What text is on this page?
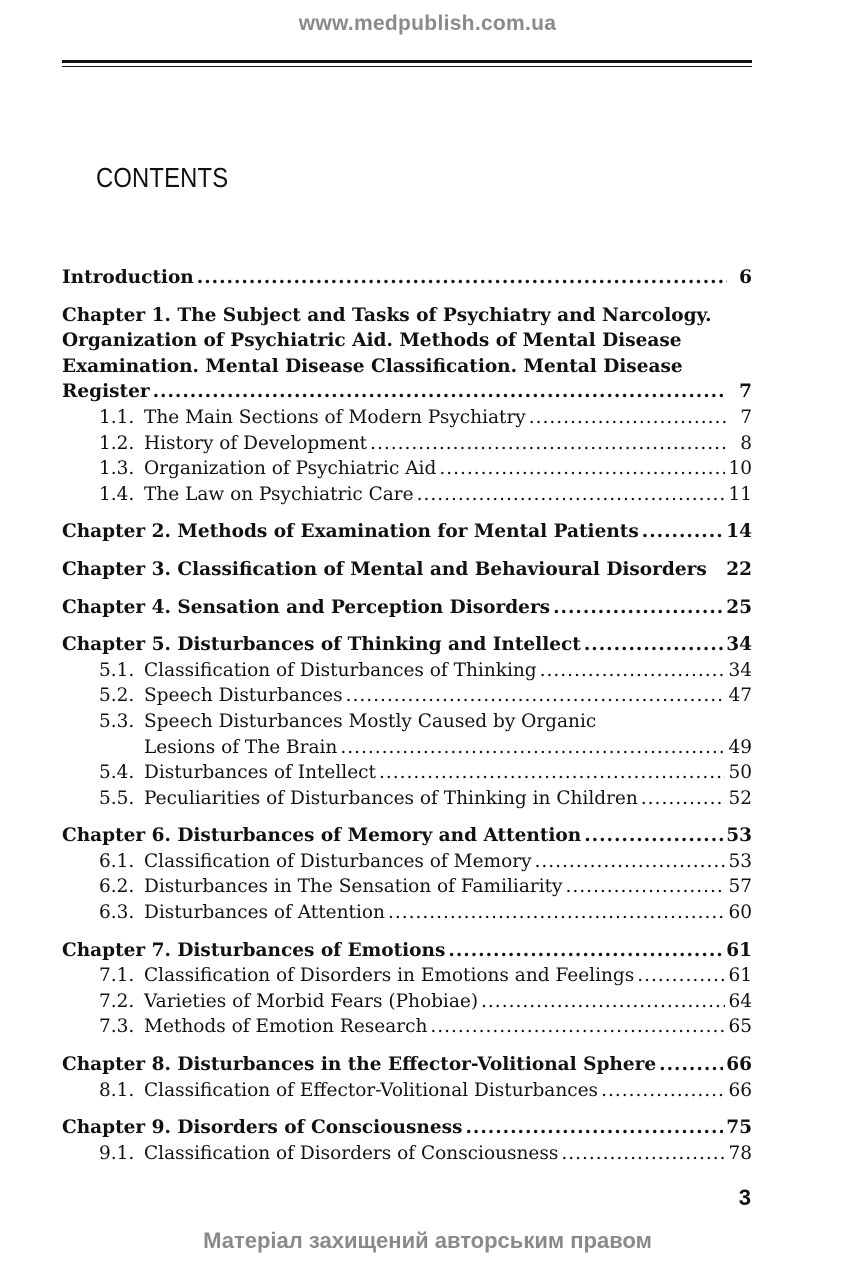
www.medpublish.com.ua
CONTENTS
Introduction .....	6
Chapter 1. The Subject and Tasks of Psychiatry and Narcology.
Organization of Psychiatric Aid. Methods of Mental Disease
Examination. Mental Disease Classification. Mental Disease
Register .....	7
1.1. The Main Sections of Modern Psychiatry .....	7
1.2. History of Development .....	8
1.3. Organization of Psychiatric Aid .....	10
1.4. The Law on Psychiatric Care .....	11
Chapter 2. Methods of Examination for Mental Patients .....	14
Chapter 3. Classification of Mental and Behavioural Disorders 22
Chapter 4. Sensation and Perception Disorders .....	25
Chapter 5. Disturbances of Thinking and Intellect .....	34
5.1. Classification of Disturbances of Thinking .....	34
5.2. Speech Disturbances .....	47
5.3. Speech Disturbances Mostly Caused by Organic
Lesions of The Brain .....	49
5.4. Disturbances of Intellect .....	50
5.5. Peculiarities of Disturbances of Thinking in Children .....	52
Chapter 6. Disturbances of Memory and Attention .....	53
6.1. Classification of Disturbances of Memory .....	53
6.2. Disturbances in The Sensation of Familiarity .....	57
6.3. Disturbances of Attention .....	60
Chapter 7. Disturbances of Emotions .....	61
7.1. Classification of Disorders in Emotions and Feelings .....	61
7.2. Varieties of Morbid Fears (Phobiae) .....	64
7.3. Methods of Emotion Research .....	65
Chapter 8. Disturbances in the Effector-Volitional Sphere .....	66
8.1. Classification of Effector-Volitional Disturbances .....	66
Chapter 9. Disorders of Consciousness .....	75
9.1. Classification of Disorders of Consciousness .....	78
3
Матеріал захищений авторським правом
